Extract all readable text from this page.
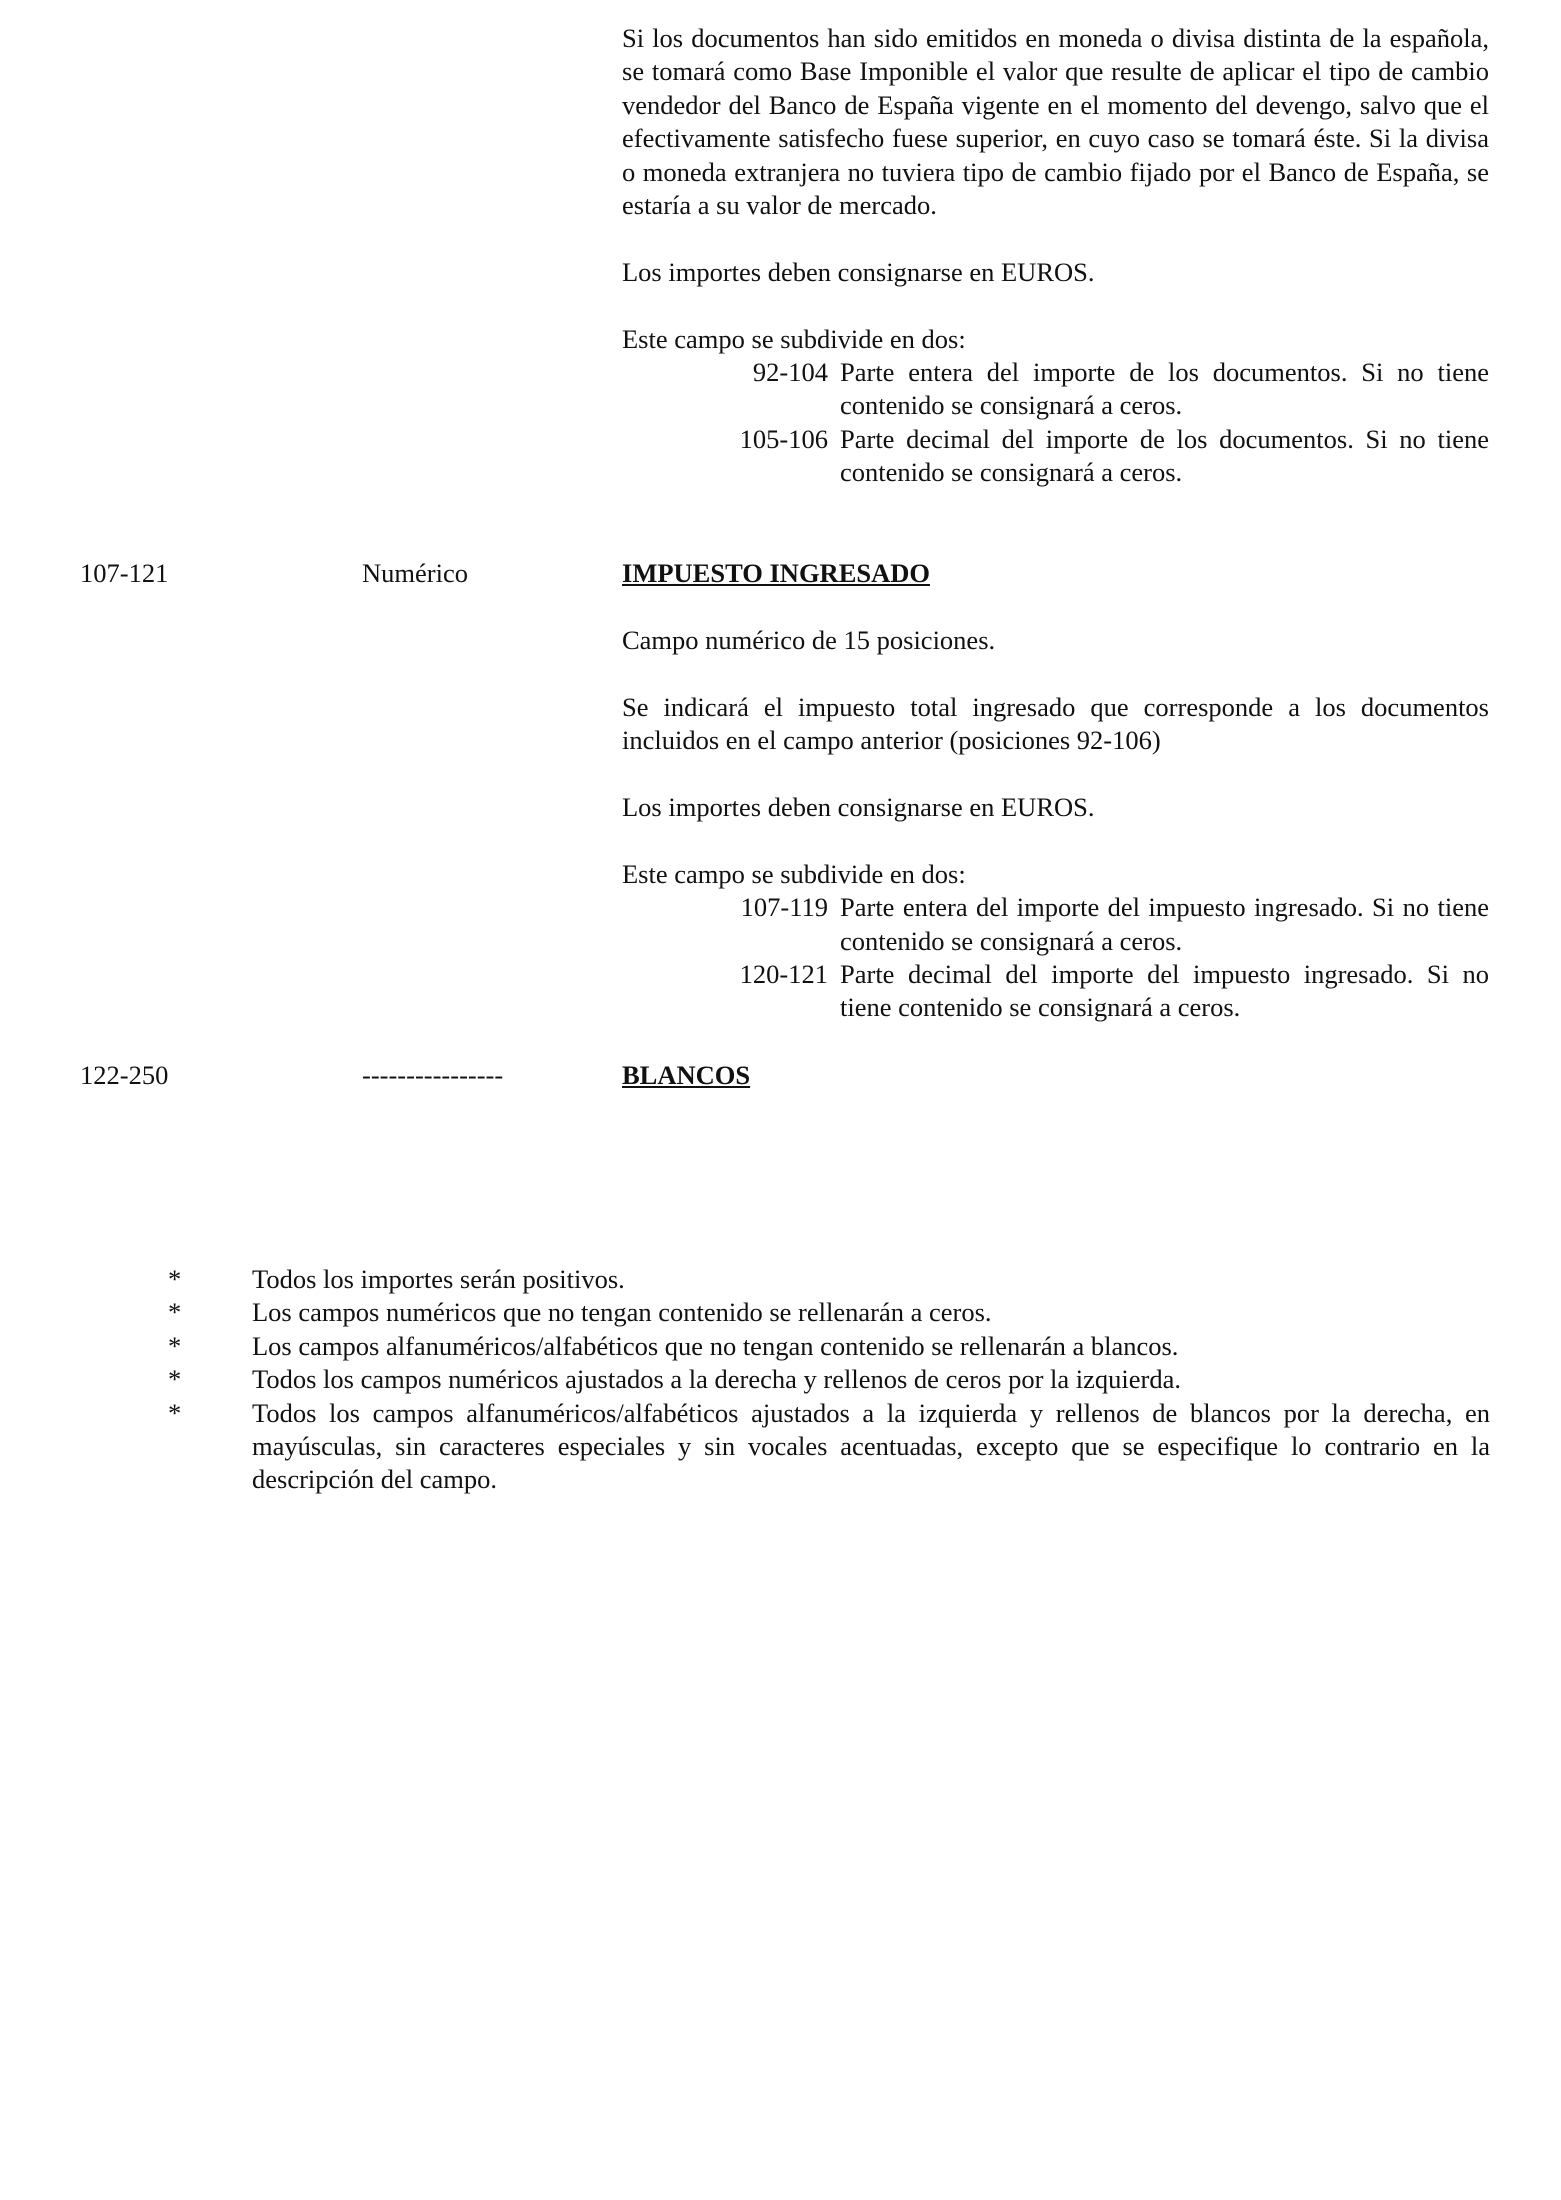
Si los documentos han sido emitidos en moneda o divisa distinta de la española, se tomará como Base Imponible el valor que resulte de aplicar el tipo de cambio vendedor del Banco de España vigente en el momento del devengo, salvo que el efectivamente satisfecho fuese superior, en cuyo caso se tomará éste. Si la divisa o moneda extranjera no tuviera tipo de cambio fijado por el Banco de España, se estaría a su valor de mercado.

Los importes deben consignarse en EUROS.

Este campo se subdivide en dos:

92-104 Parte entera del importe de los documentos. Si no tiene contenido se consignará a ceros.

105-106 Parte decimal del importe de los documentos. Si no tiene contenido se consignará a ceros.

107-121	Numérico	IMPUESTO INGRESADO

Campo numérico de 15 posiciones.

Se indicará el impuesto total ingresado que corresponde a los documentos incluidos en el campo anterior (posiciones 92-106)

Los importes deben consignarse en EUROS.

Este campo se subdivide en dos:

107-119 Parte entera del importe del impuesto ingresado. Si no tiene contenido se consignará a ceros.

120-121 Parte decimal del importe del impuesto ingresado. Si no tiene contenido se consignará a ceros.

122-250	----------------	BLANCOS

*	Todos los importes serán positivos.

*	Los campos numéricos que no tengan contenido se rellenarán a ceros.

*	Los campos alfanuméricos/alfabéticos que no tengan contenido se rellenarán a blancos.

*	Todos los campos numéricos ajustados a la derecha y rellenos de ceros por la izquierda.

*	Todos los campos alfanuméricos/alfabéticos ajustados a la izquierda y rellenos de blancos por la derecha, en mayúsculas, sin caracteres especiales y sin vocales acentuadas, excepto que se especifique lo contrario en la descripción del campo.
